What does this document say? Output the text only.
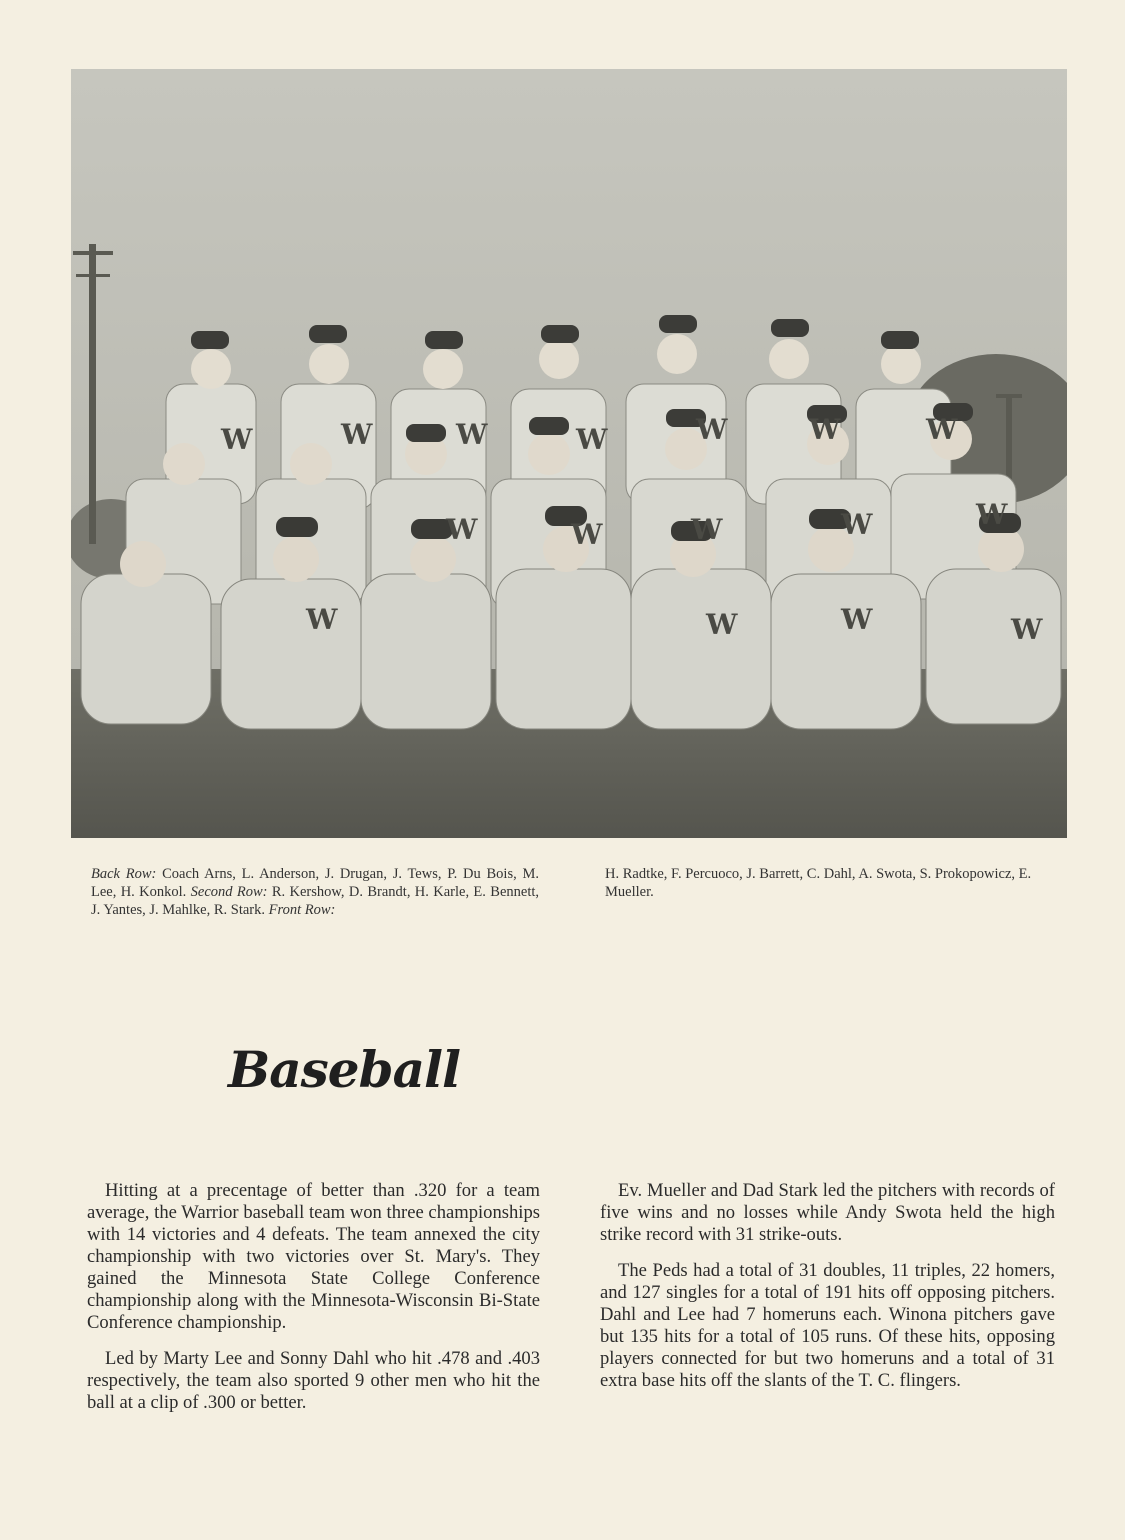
W	W	W	W	W	W	W
W	W	W	W	W
W	W	W	W
Back Row: Coach Arns, L. Anderson, J. Drugan, J. Tews, P. Du Bois, M. Lee, H. Konkol. Second Row: R. Kershow, D. Brandt, H. Karle, E. Bennett, J. Yantes, J. Mahlke, R. Stark. Front Row:
H. Radtke, F. Percuoco, J. Barrett, C. Dahl, A. Swota, S. Prokopowicz, E. Mueller.
Baseball

Hitting at a precentage of better than .320 for a team average, the Warrior baseball team won three championships with 14 victories and 4 defeats. The team annexed the city championship with two victories over St. Mary's. They gained the Minnesota State College Conference championship along with the Minnesota-Wisconsin Bi-State Conference championship.

Led by Marty Lee and Sonny Dahl who hit .478 and .403 respectively, the team also sported 9 other men who hit the ball at a clip of .300 or better.

Ev. Mueller and Dad Stark led the pitchers with records of five wins and no losses while Andy Swota held the high strike record with 31 strike-outs.

The Peds had a total of 31 doubles, 11 triples, 22 homers, and 127 singles for a total of 191 hits off opposing pitchers. Dahl and Lee had 7 homeruns each. Winona pitchers gave but 135 hits for a total of 105 runs. Of these hits, opposing players connected for but two homeruns and a total of 31 extra base hits off the slants of the T. C. flingers.
